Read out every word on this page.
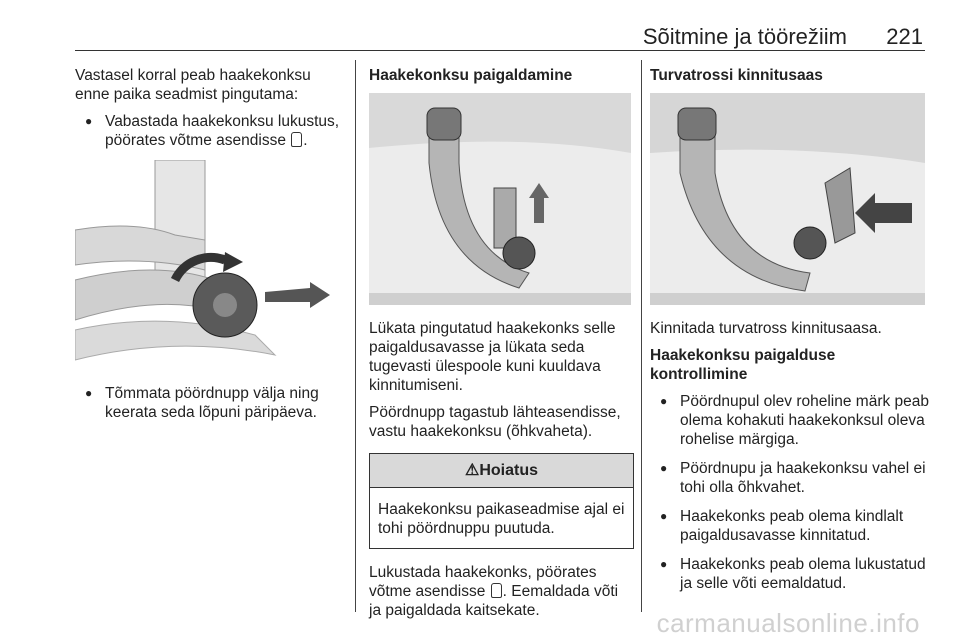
Sõitmine ja töörežiim 221

Vastasel korral peab haakekonksu enne paika seadmist pingutama:

● Vabastada haakekonksu lukustus, pöörates võtme asendisse .
● Tõmmata pöördnupp välja ning keerata seda lõpuni päripäeva.
Haakekonksu paigaldamine

Lükata pingutatud haakekonks selle paigaldusavasse ja lükata seda tugevasti ülespoole kuni kuuldava kinnitumiseni.

Pöördnupp tagastub lähteasendisse, vastu haakekonksu (õhkvaheta).

⚠Hoiatus
Haakekonksu paikaseadmise ajal ei tohi pöördnuppu puutuda.

Lukustada haakekonks, pöörates võtme asendisse . Eemaldada võti ja paigaldada kaitsekate.

Turvatrossi kinnitusaas

Kinnitada turvatross kinnitusaasa.

Haakekonksu paigalduse
kontrollimine
● Pöördnupul olev roheline märk peab olema kohakuti haakekonksul oleva rohelise märgiga.
● Pöördnupu ja haakekonksu vahel ei tohi olla õhkvahet.
● Haakekonks peab olema kindlalt paigaldusavasse kinnitatud.
● Haakekonks peab olema lukustatud ja selle võti eemaldatud.
carmanualsonline.info
